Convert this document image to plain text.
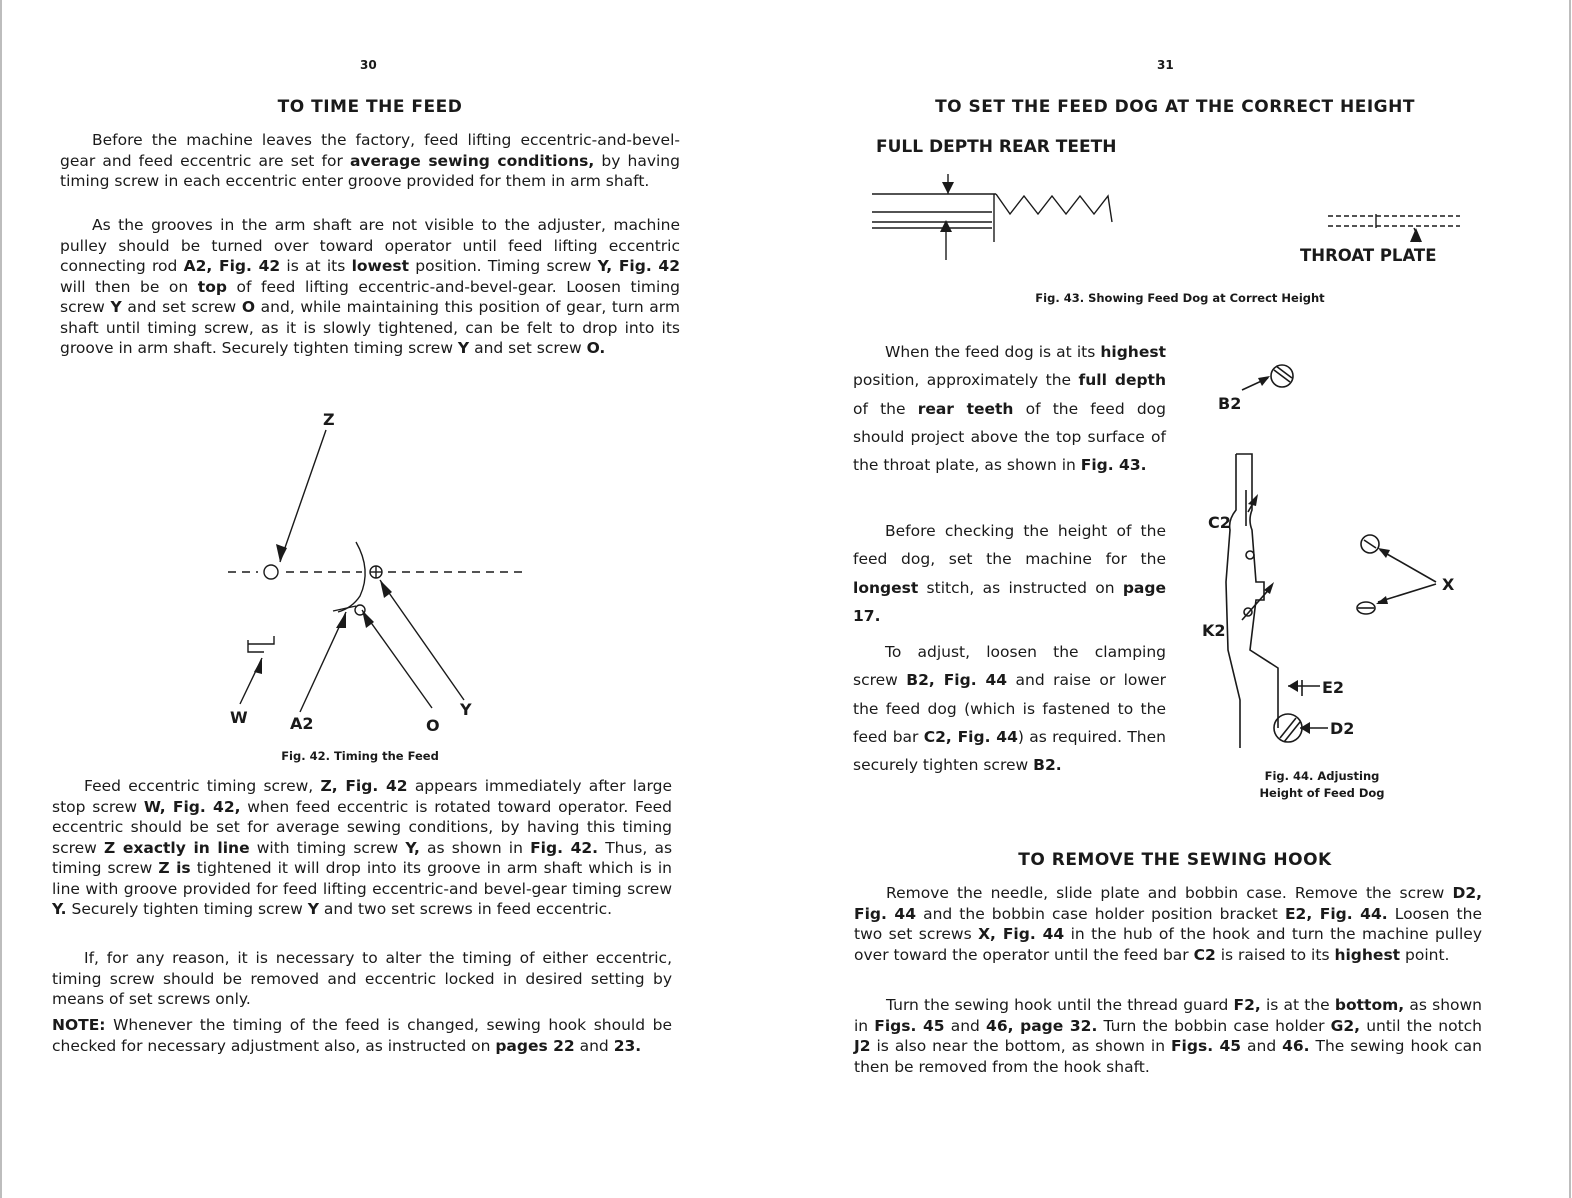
30
TO TIME THE FEED

Before the machine leaves the factory, feed lifting eccentric-and-bevel-gear and feed eccentric are set for average sewing conditions, by having timing screw in each eccentric enter groove provided for them in arm shaft.

As the grooves in the arm shaft are not visible to the adjuster, machine pulley should be turned over toward operator until feed lifting eccentric connecting rod A2, Fig. 42 is at its lowest position. Timing screw Y, Fig. 42 will then be on top of feed lifting eccentric-and-bevel-gear. Loosen timing screw Y and set screw O and, while maintaining this position of gear, turn arm shaft until timing screw, as it is slowly tightened, can be felt to drop into its groove in arm shaft. Securely tighten timing screw Y and set screw O.

Z
W	A2	O
Y
Fig. 42. Timing the Feed

Feed eccentric timing screw, Z, Fig. 42 appears immediately after large stop screw W, Fig. 42, when feed eccentric is rotated toward operator. Feed eccentric should be set for average sewing conditions, by having this timing screw Z exactly in line with timing screw Y, as shown in Fig. 42. Thus, as timing screw Z is tightened it will drop into its groove in arm shaft which is in line with groove provided for feed lifting eccentric-and bevel-gear timing screw Y. Securely tighten timing screw Y and two set screws in feed eccentric.

If, for any reason, it is necessary to alter the timing of either eccentric, timing screw should be removed and eccentric locked in desired setting by means of set screws only.

NOTE: Whenever the timing of the feed is changed, sewing hook should be checked for necessary adjustment also, as instructed on pages 22 and 23.

31
TO SET THE FEED DOG AT THE CORRECT HEIGHT
FULL DEPTH REAR TEETH
THROAT PLATE
Fig. 43. Showing Feed Dog at Correct Height

When the feed dog is at its highest position, approximately the full depth of the rear teeth of the feed dog should project above the top surface of the throat plate, as shown in Fig. 43.

Before checking the height of the feed dog, set the machine for the longest stitch, as instructed on page 17.

To adjust, loosen the clamping screw B2, Fig. 44 and raise or lower the feed dog (which is fastened to the feed bar C2, Fig. 44) as required. Then securely tighten screw B2.

B2
C2
K2
X
E2
D2
Fig. 44. Adjusting
Height of Feed Dog
TO REMOVE THE SEWING HOOK

Remove the needle, slide plate and bobbin case. Remove the screw D2, Fig. 44 and the bobbin case holder position bracket E2, Fig. 44. Loosen the two set screws X, Fig. 44 in the hub of the hook and turn the machine pulley over toward the operator until the feed bar C2 is raised to its highest point.

Turn the sewing hook until the thread guard F2, is at the bottom, as shown in Figs. 45 and 46, page 32. Turn the bobbin case holder G2, until the notch J2 is also near the bottom, as shown in Figs. 45 and 46. The sewing hook can then be removed from the hook shaft.
